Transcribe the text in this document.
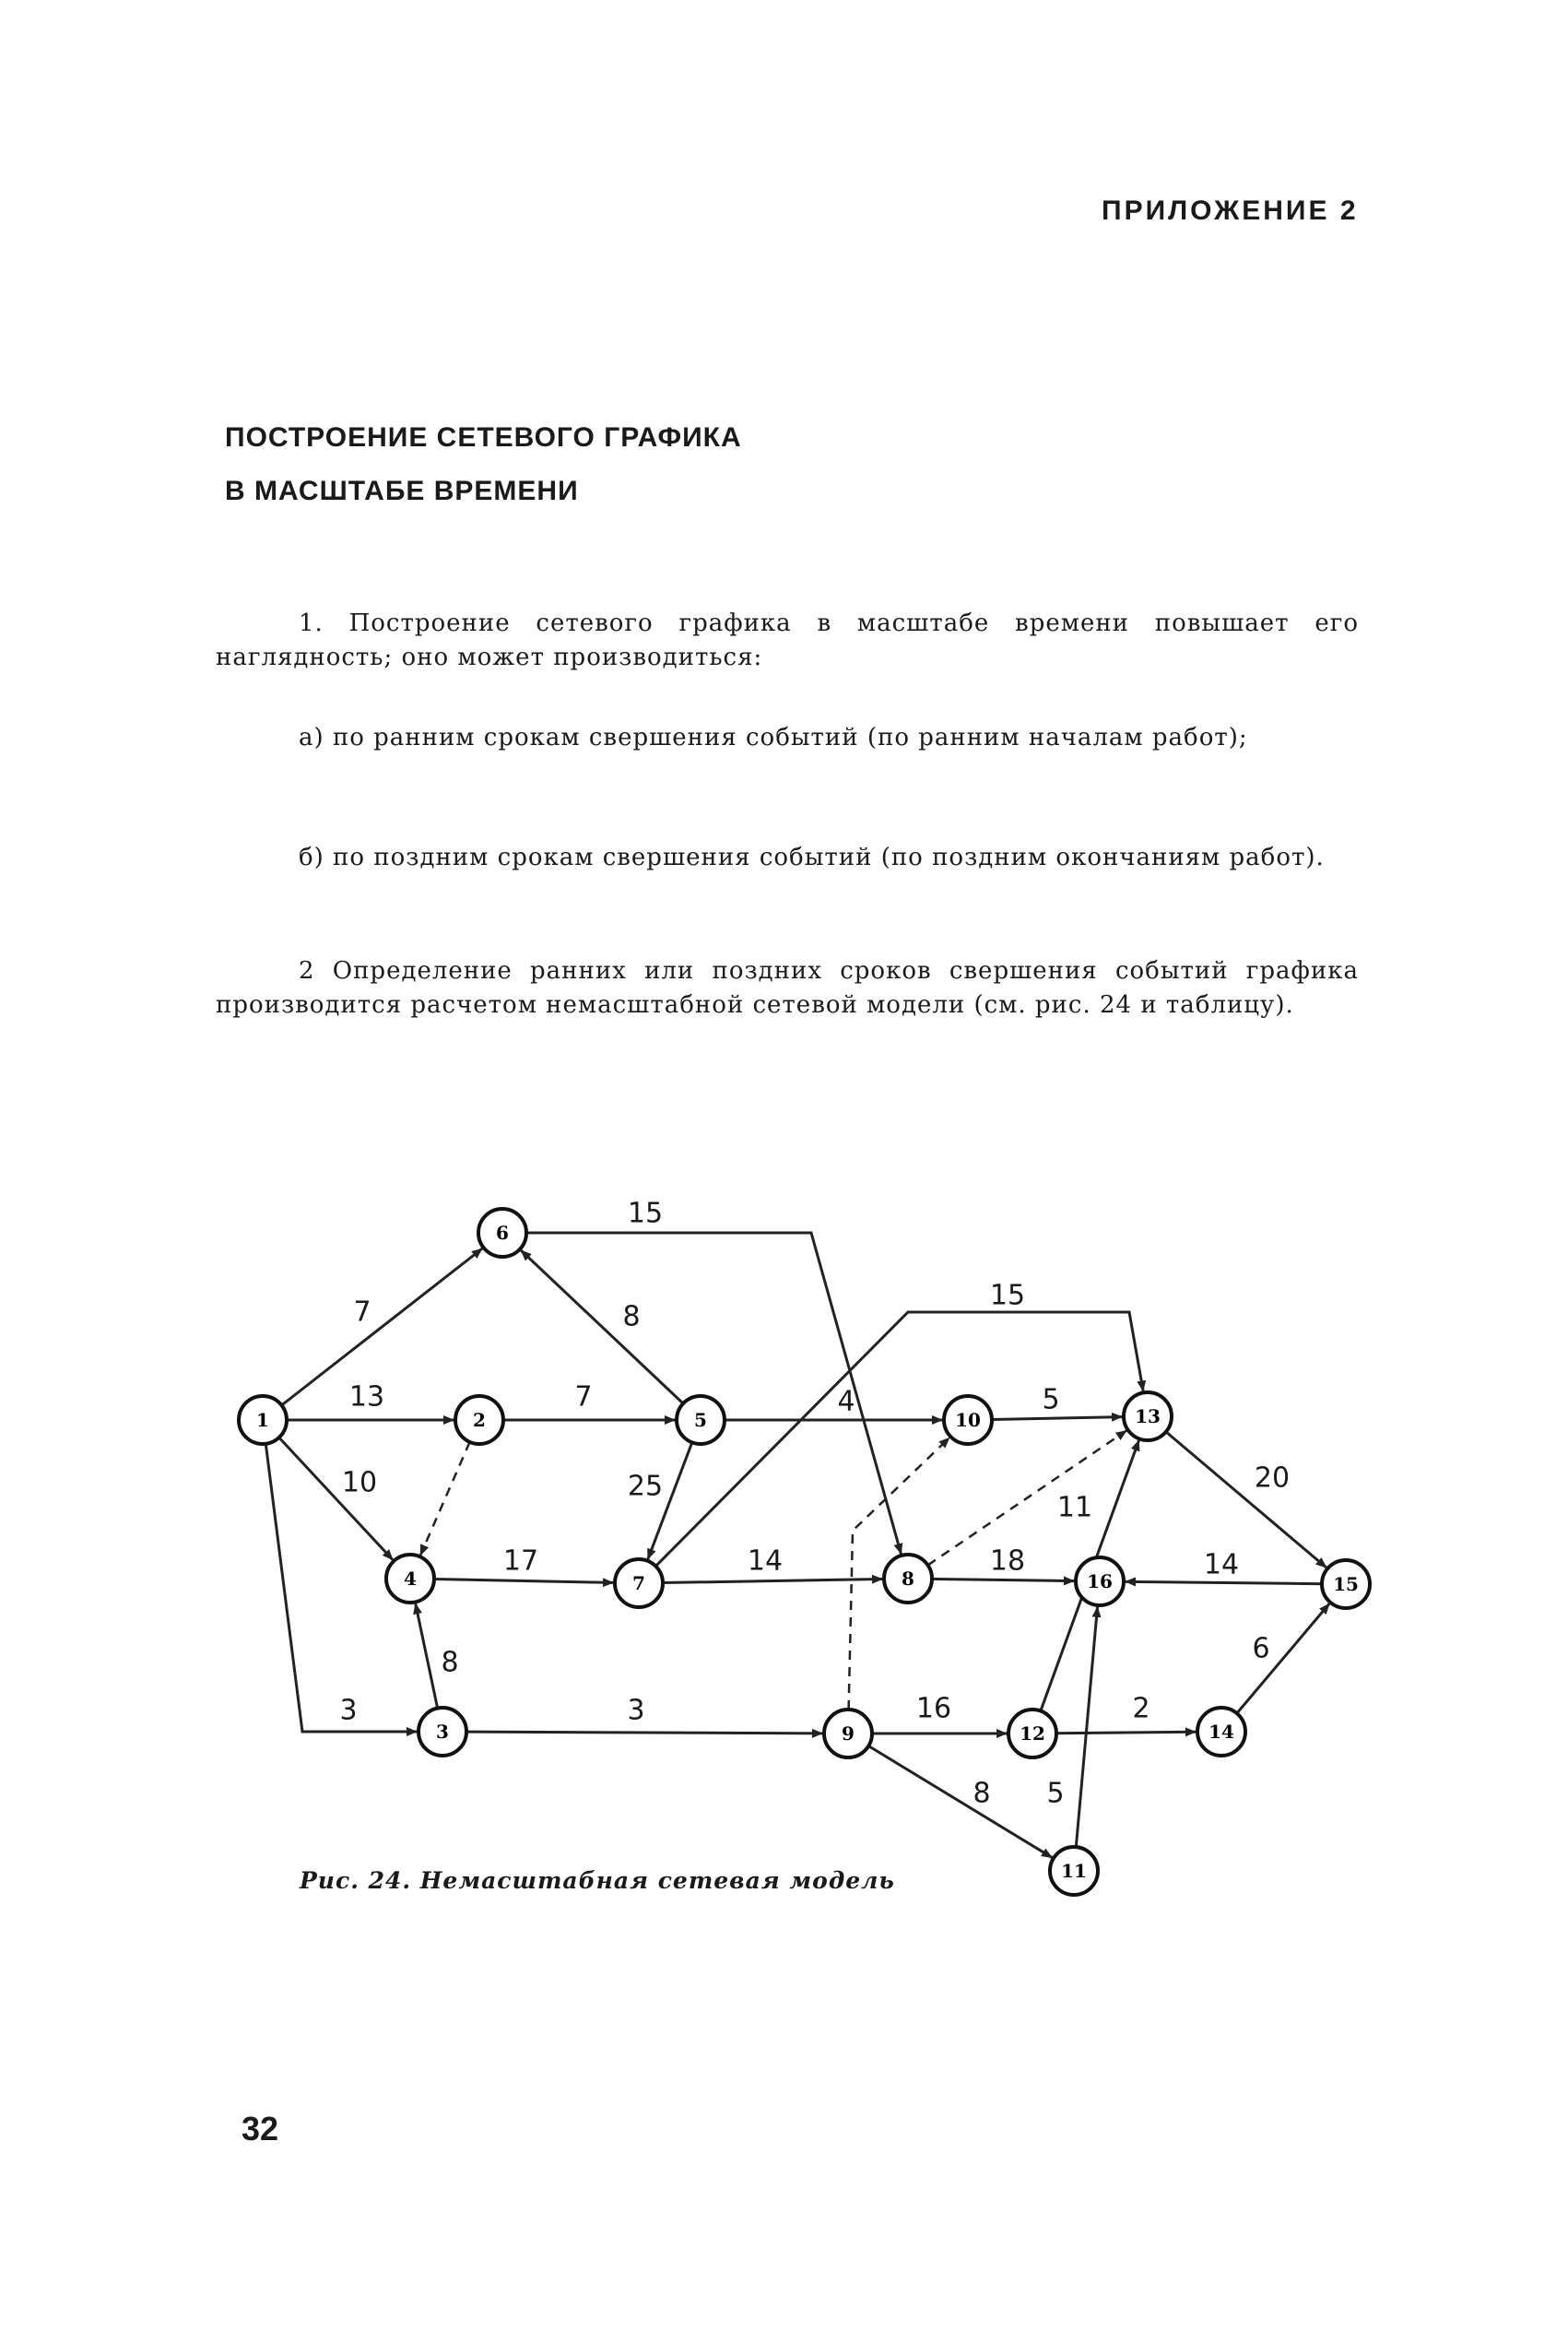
ПРИЛОЖЕНИЕ 2
ПОСТРОЕНИЕ СЕТЕВОГО ГРАФИКА
В МАСШТАБЕ ВРЕМЕНИ

1. Построение сетевого графика в масштабе времени повышает его наглядность; оно может производиться:

а) по ранним срокам свершения событий (по ранним началам работ);

б) по поздним срокам свершения событий (по поздним окончаниям работ).

2 Определение ранних или поздних сроков свершения событий графика производится расчетом немасштабной сетевой модели (см. рис. 24 и таблицу).

7
13
10
3
7
8
15
4
25
15
17
8
3
14	18
5
11
20
14
6
16	2
8 5
1	2
3
4
5
6
7	8
9
10
11
12
13
14
15
16
Рис. 24. Немасштабная сетевая модель
32
